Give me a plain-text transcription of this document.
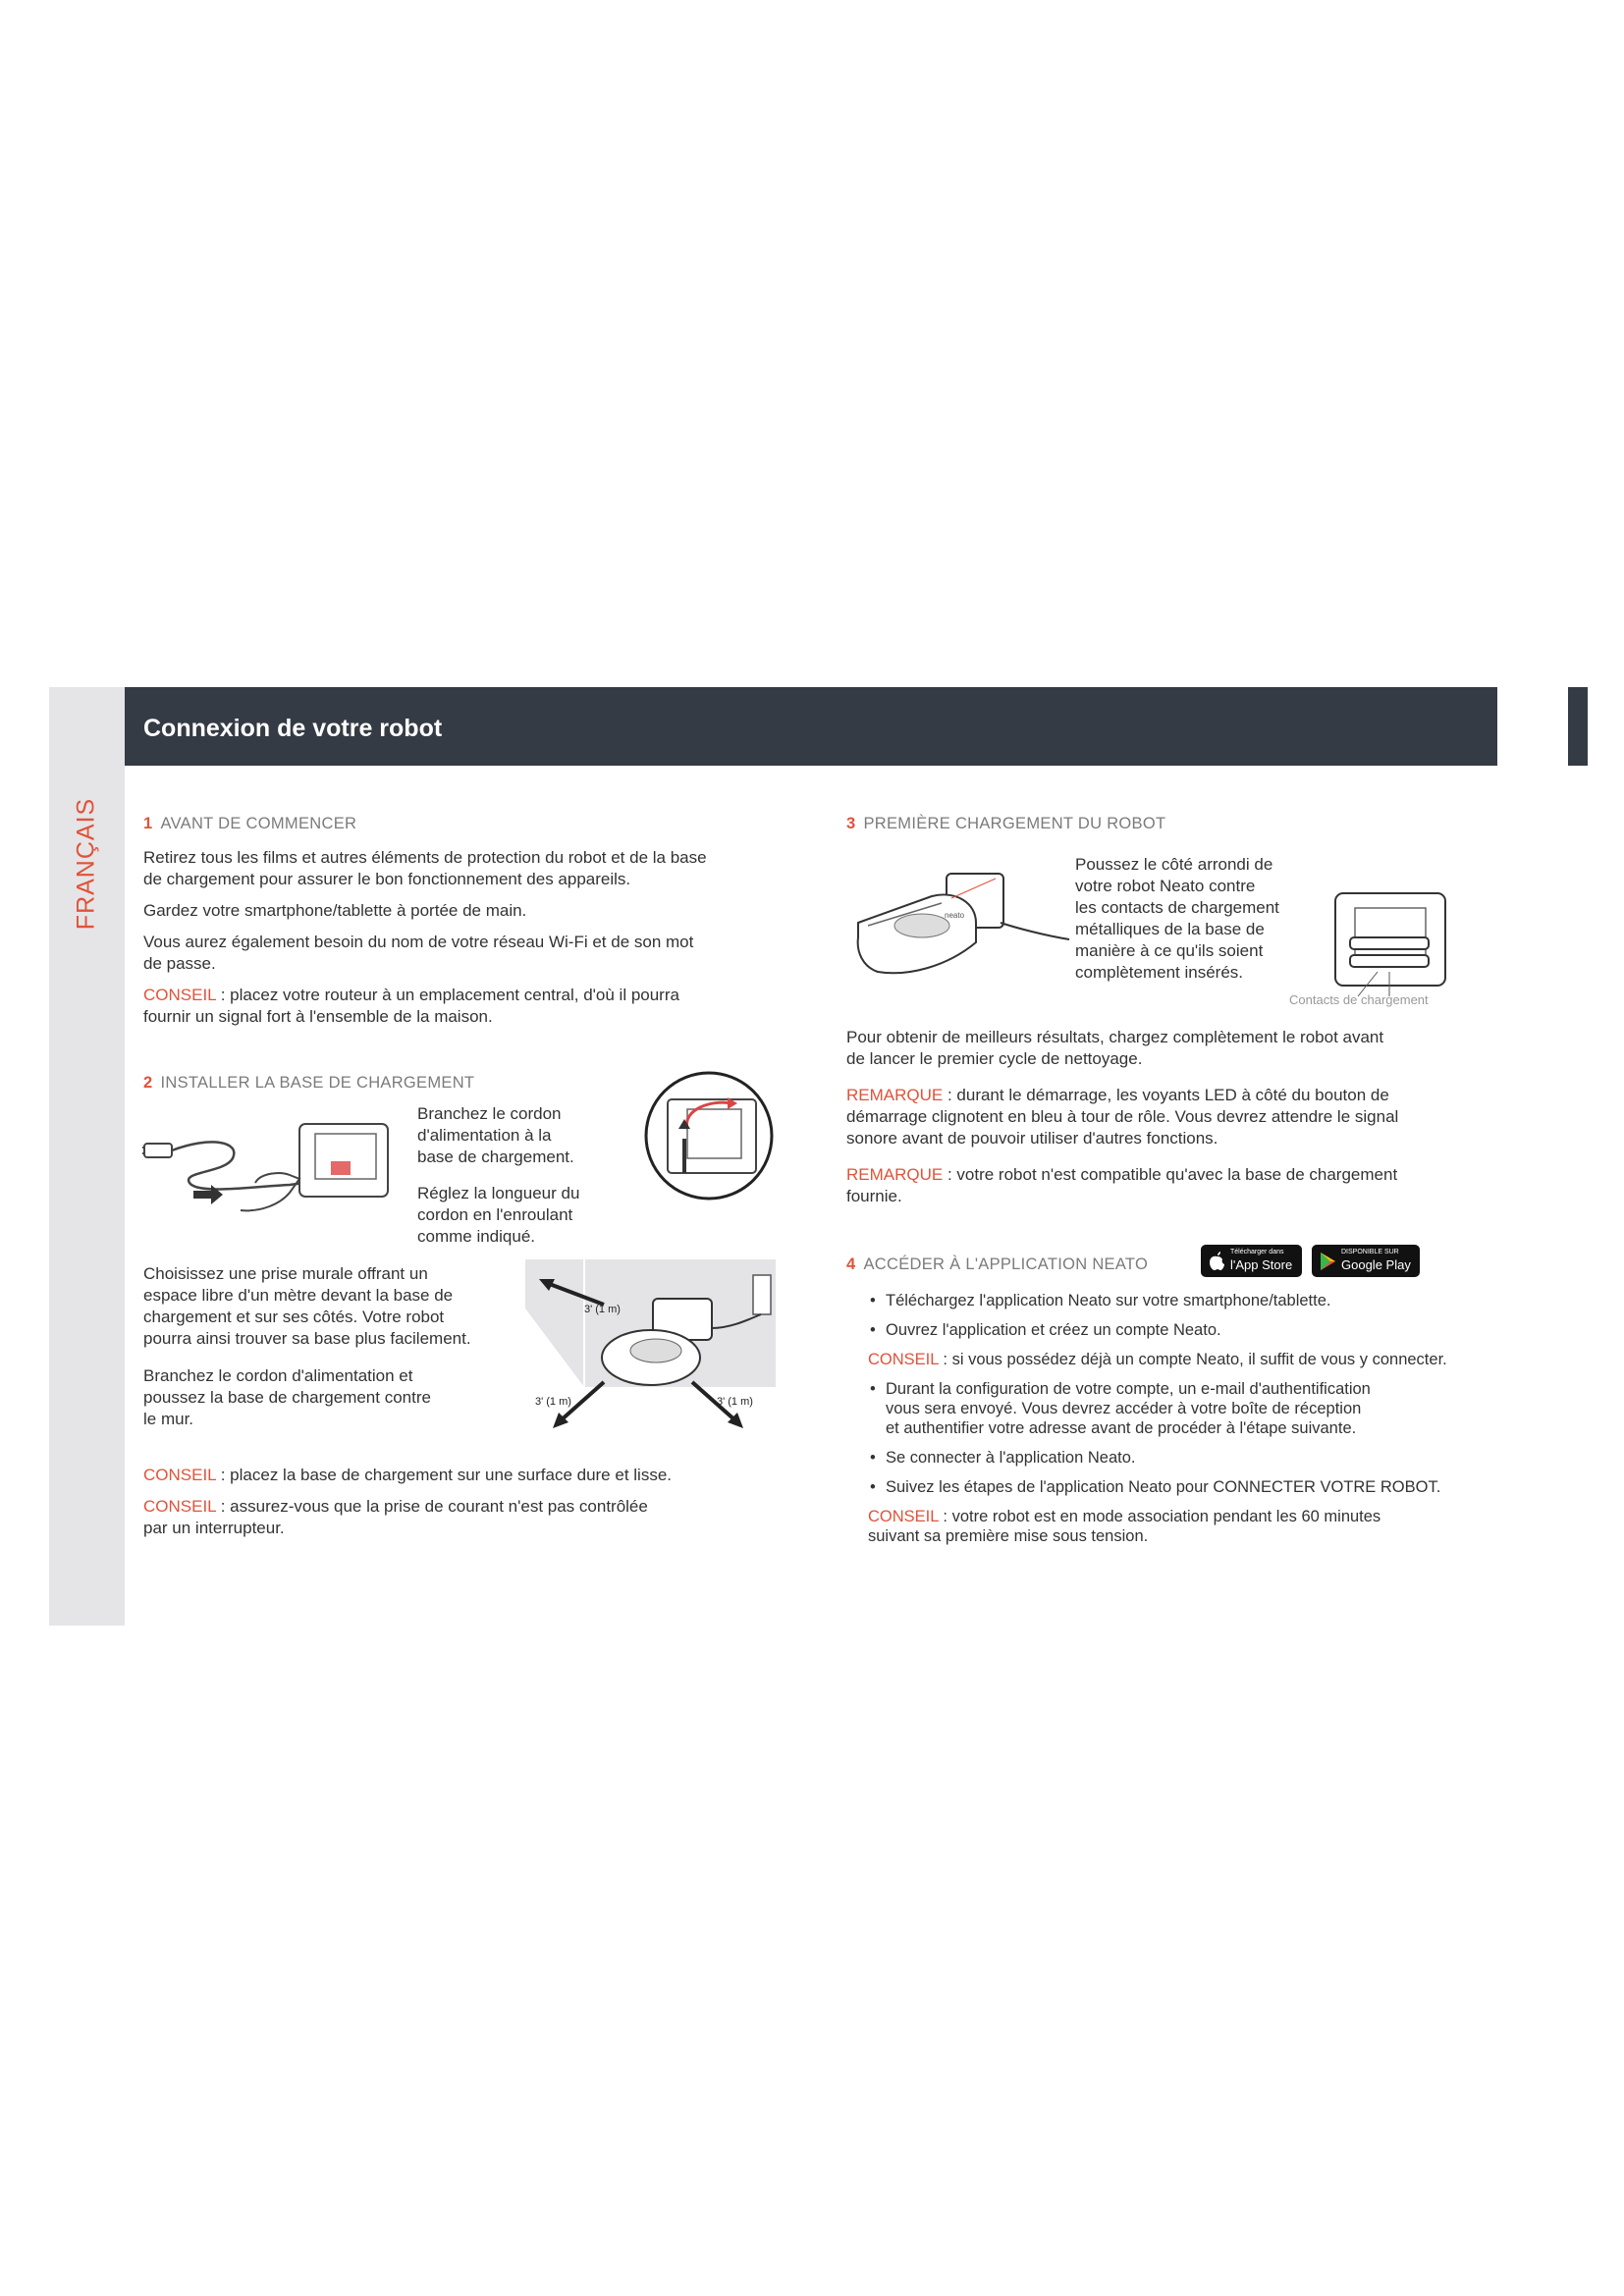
FRANÇAIS
Connexion de votre robot

1 AVANT DE COMMENCER

Retirez tous les films et autres éléments de protection du robot et de la base

de chargement pour assurer le bon fonctionnement des appareils.

Gardez votre smartphone/tablette à portée de main.

Vous aurez également besoin du nom de votre réseau Wi-Fi et de son mot

de passe.

CONSEIL : placez votre routeur à un emplacement central, d'où il pourra

fournir un signal fort à l'ensemble de la maison.

2 INSTALLER LA BASE DE CHARGEMENT

Branchez le cordon

d'alimentation à la

base de chargement.

Réglez la longueur du

cordon en l'enroulant

comme indiqué.

Choisissez une prise murale offrant un

espace libre d'un mètre devant la base de

chargement et sur ses côtés. Votre robot

pourra ainsi trouver sa base plus facilement.

Branchez le cordon d'alimentation et

poussez la base de chargement contre

le mur.

CONSEIL : placez la base de chargement sur une surface dure et lisse.

CONSEIL : assurez-vous que la prise de courant n'est pas contrôlée

par un interrupteur.

3' (1 m)
3' (1 m)	3' (1 m)

3 PREMIÈRE CHARGEMENT DU ROBOT

Poussez le côté arrondi de

votre robot Neato contre

les contacts de chargement

métalliques de la base de

manière à ce qu'ils soient

complètement insérés.

neato
Contacts de chargement

Pour obtenir de meilleurs résultats, chargez complètement le robot avant

de lancer le premier cycle de nettoyage.

REMARQUE : durant le démarrage, les voyants LED à côté du bouton de

démarrage clignotent en bleu à tour de rôle. Vous devrez attendre le signal

sonore avant de pouvoir utiliser d'autres fonctions.

REMARQUE : votre robot n'est compatible qu'avec la base de chargement

fournie.

4 ACCÉDER À L'APPLICATION NEATO

Télécharger dans
l'App Store
DISPONIBLE SUR
Google Play

• Téléchargez l'application Neato sur votre smartphone/tablette.

• Ouvrez l'application et créez un compte Neato.

CONSEIL : si vous possédez déjà un compte Neato, il suffit de vous y connecter.

• Durant la configuration de votre compte, un e-mail d'authentification

vous sera envoyé. Vous devrez accéder à votre boîte de réception

et authentifier votre adresse avant de procéder à l'étape suivante.

• Se connecter à l'application Neato.

• Suivez les étapes de l'application Neato pour CONNECTER VOTRE ROBOT.

CONSEIL : votre robot est en mode association pendant les 60 minutes

suivant sa première mise sous tension.
